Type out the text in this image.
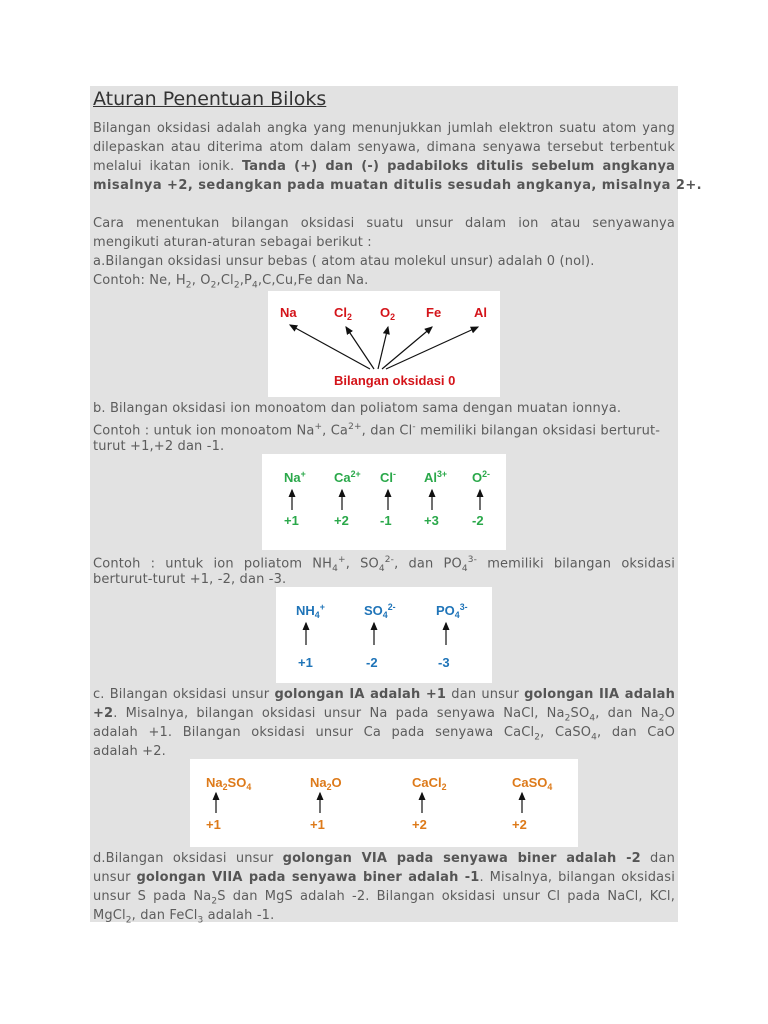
Aturan Penentuan Biloks
Bilangan oksidasi adalah angka yang menunjukkan jumlah elektron suatu atom yang
dilepaskan atau diterima atom dalam senyawa, dimana senyawa tersebut terbentuk
melalui ikatan ionik. Tanda (+) dan (-) padabiloks ditulis sebelum angkanya
misalnya +2, sedangkan pada muatan ditulis sesudah angkanya, misalnya 2+.
Cara menentukan bilangan oksidasi suatu unsur dalam ion atau senyawanya
mengikuti aturan-aturan sebagai berikut :
a.Bilangan oksidasi unsur bebas ( atom atau molekul unsur) adalah 0 (nol).
Contoh: Ne, $H_2$, $O_2,Cl_2,P_4,C,Cu,Fe$ dan Na.
Na	$Cl_2$ $O_2$ Fe	Al
Bilangan oksidasi 0
b. Bilangan oksidasi ion monoatom dan poliatom sama dengan muatan ionnya.
Contoh : untuk ion monoatom Na+, $Ca^{2+}$, dan Cl- memiliki bilangan oksidasi berturut-
turut +1,+2 dan -1.
Na+
+1
$Ca^{2+}$
+2
Cl-
-1
$Al^{3+}$
+3
$O^{2-}$
-2
Contoh : untuk ion poliatom $NH_4^+$, $SO_4^{2-}$, dan $PO_4^{3-}$ memiliki bilangan oksidasi
berturut-turut +1, -2, dan -3.
$NH_4^+$
+1
$SO_4^{2-}$
-2
$PO_4^{3-}$
-3
c. Bilangan oksidasi unsur golongan IA adalah +1 dan unsur golongan IIA adalah
+2. Misalnya, bilangan oksidasi unsur Na pada senyawa NaCl, $Na_2SO_4$, dan $Na_2O$
adalah +1. Bilangan oksidasi unsur Ca pada senyawa CaCl$_2$, CaSO$_4$, dan CaO
adalah +2.
$Na_2SO_4$
+1
$Na_2O$
+1
CaCl$_2$
+2
CaSO$_4$
+2
d.Bilangan oksidasi unsur golongan VIA pada senyawa biner adalah -2 dan
unsur golongan VIIA pada senyawa biner adalah -1. Misalnya, bilangan oksidasi
unsur S pada $Na_2S$ dan MgS adalah -2. Bilangan oksidasi unsur Cl pada NaCl, KCl,
MgCl$_2$, dan FeCl$_3$ adalah -1.
